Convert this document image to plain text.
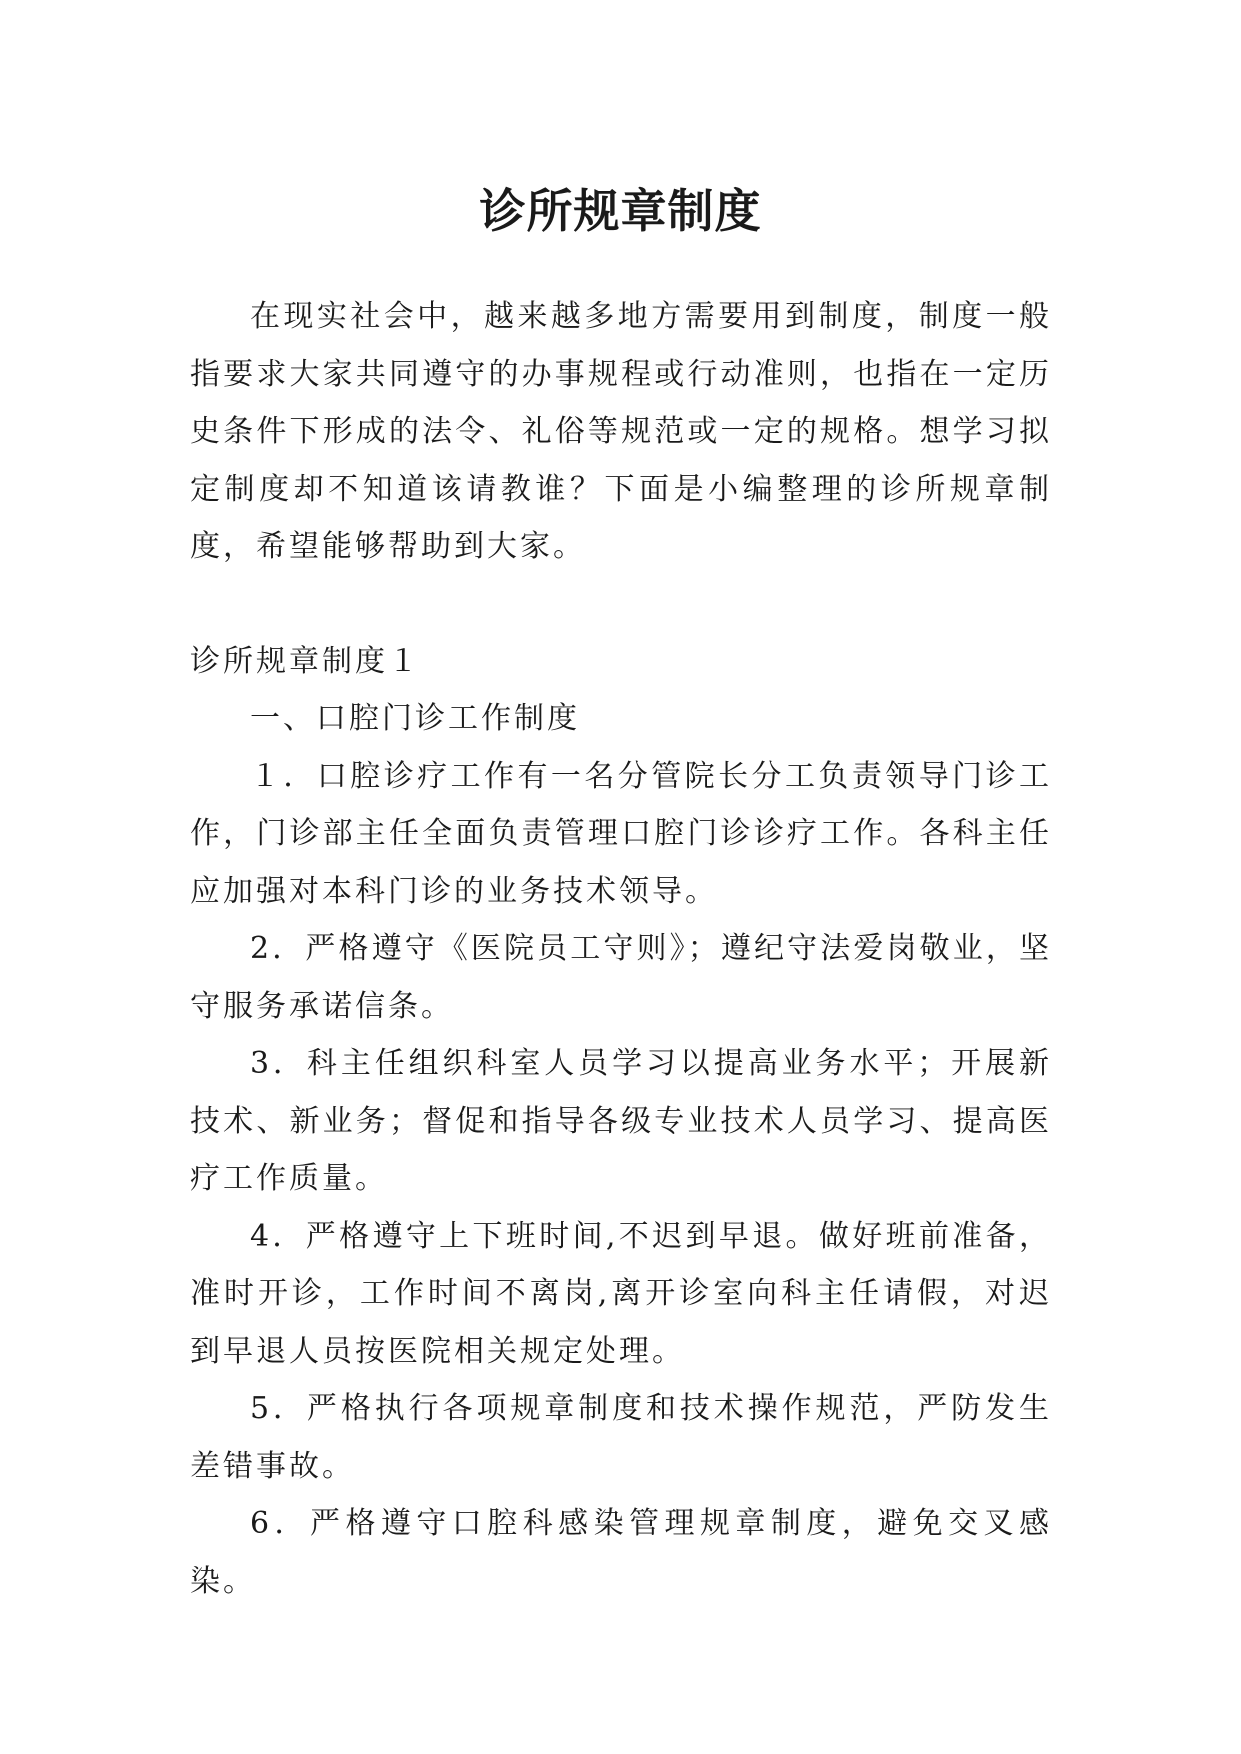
诊所规章制度

在现实社会中，越来越多地方需要用到制度，制度一般指要求大家共同遵守的办事规程或行动准则，也指在一定历史条件下形成的法令、礼俗等规范或一定的规格。想学习拟定制度却不知道该请教谁？下面是小编整理的诊所规章制度，希望能够帮助到大家。

诊所规章制度１

一、口腔门诊工作制度

１．口腔诊疗工作有一名分管院长分工负责领导门诊工作，门诊部主任全面负责管理口腔门诊诊疗工作。各科主任应加强对本科门诊的业务技术领导。

2．严格遵守《医院员工守则》；遵纪守法爱岗敬业，坚守服务承诺信条。

3．科主任组织科室人员学习以提高业务水平；开展新技术、新业务；督促和指导各级专业技术人员学习、提高医疗工作质量。

4．严格遵守上下班时间,不迟到早退。做好班前准备，准时开诊，工作时间不离岗,离开诊室向科主任请假，对迟到早退人员按医院相关规定处理。

5．严格执行各项规章制度和技术操作规范，严防发生差错事故。

6．严格遵守口腔科感染管理规章制度，避免交叉感染。
